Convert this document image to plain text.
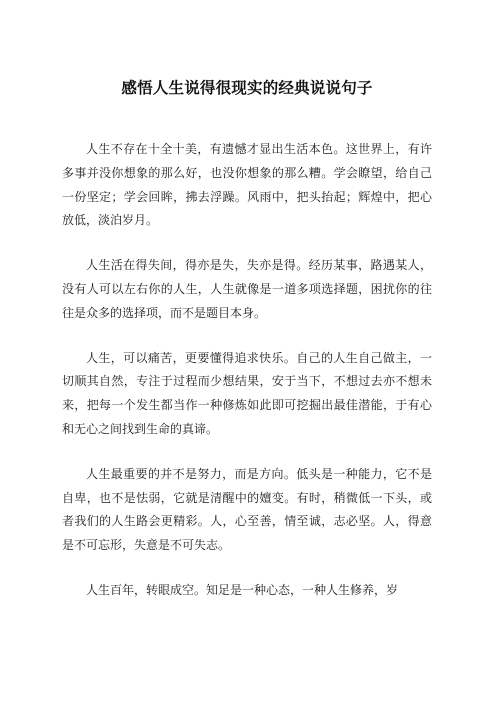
感悟人生说得很现实的经典说说句子

人生不存在十全十美，有遗憾才显出生活本色。这世界上，有许多事并没你想象的那么好，也没你想象的那么糟。学会瞭望，给自己一份坚定；学会回眸，拂去浮躁。风雨中，把头抬起；辉煌中，把心放低，淡泊岁月。

人生活在得失间，得亦是失，失亦是得。经历某事，路遇某人，没有人可以左右你的人生，人生就像是一道多项选择题，困扰你的往往是众多的选择项，而不是题目本身。

人生，可以痛苦，更要懂得追求快乐。自己的人生自己做主，一切顺其自然，专注于过程而少想结果，安于当下，不想过去亦不想未来，把每一个发生都当作一种修炼如此即可挖掘出最佳潜能，于有心和无心之间找到生命的真谛。

人生最重要的并不是努力，而是方向。低头是一种能力，它不是自卑，也不是怯弱，它就是清醒中的嬗变。有时，稍微低一下头，或者我们的人生路会更精彩。人，心至善，情至诚，志必坚。人，得意是不可忘形，失意是不可失志。

人生百年，转眼成空。知足是一种心态，一种人生修养，岁
